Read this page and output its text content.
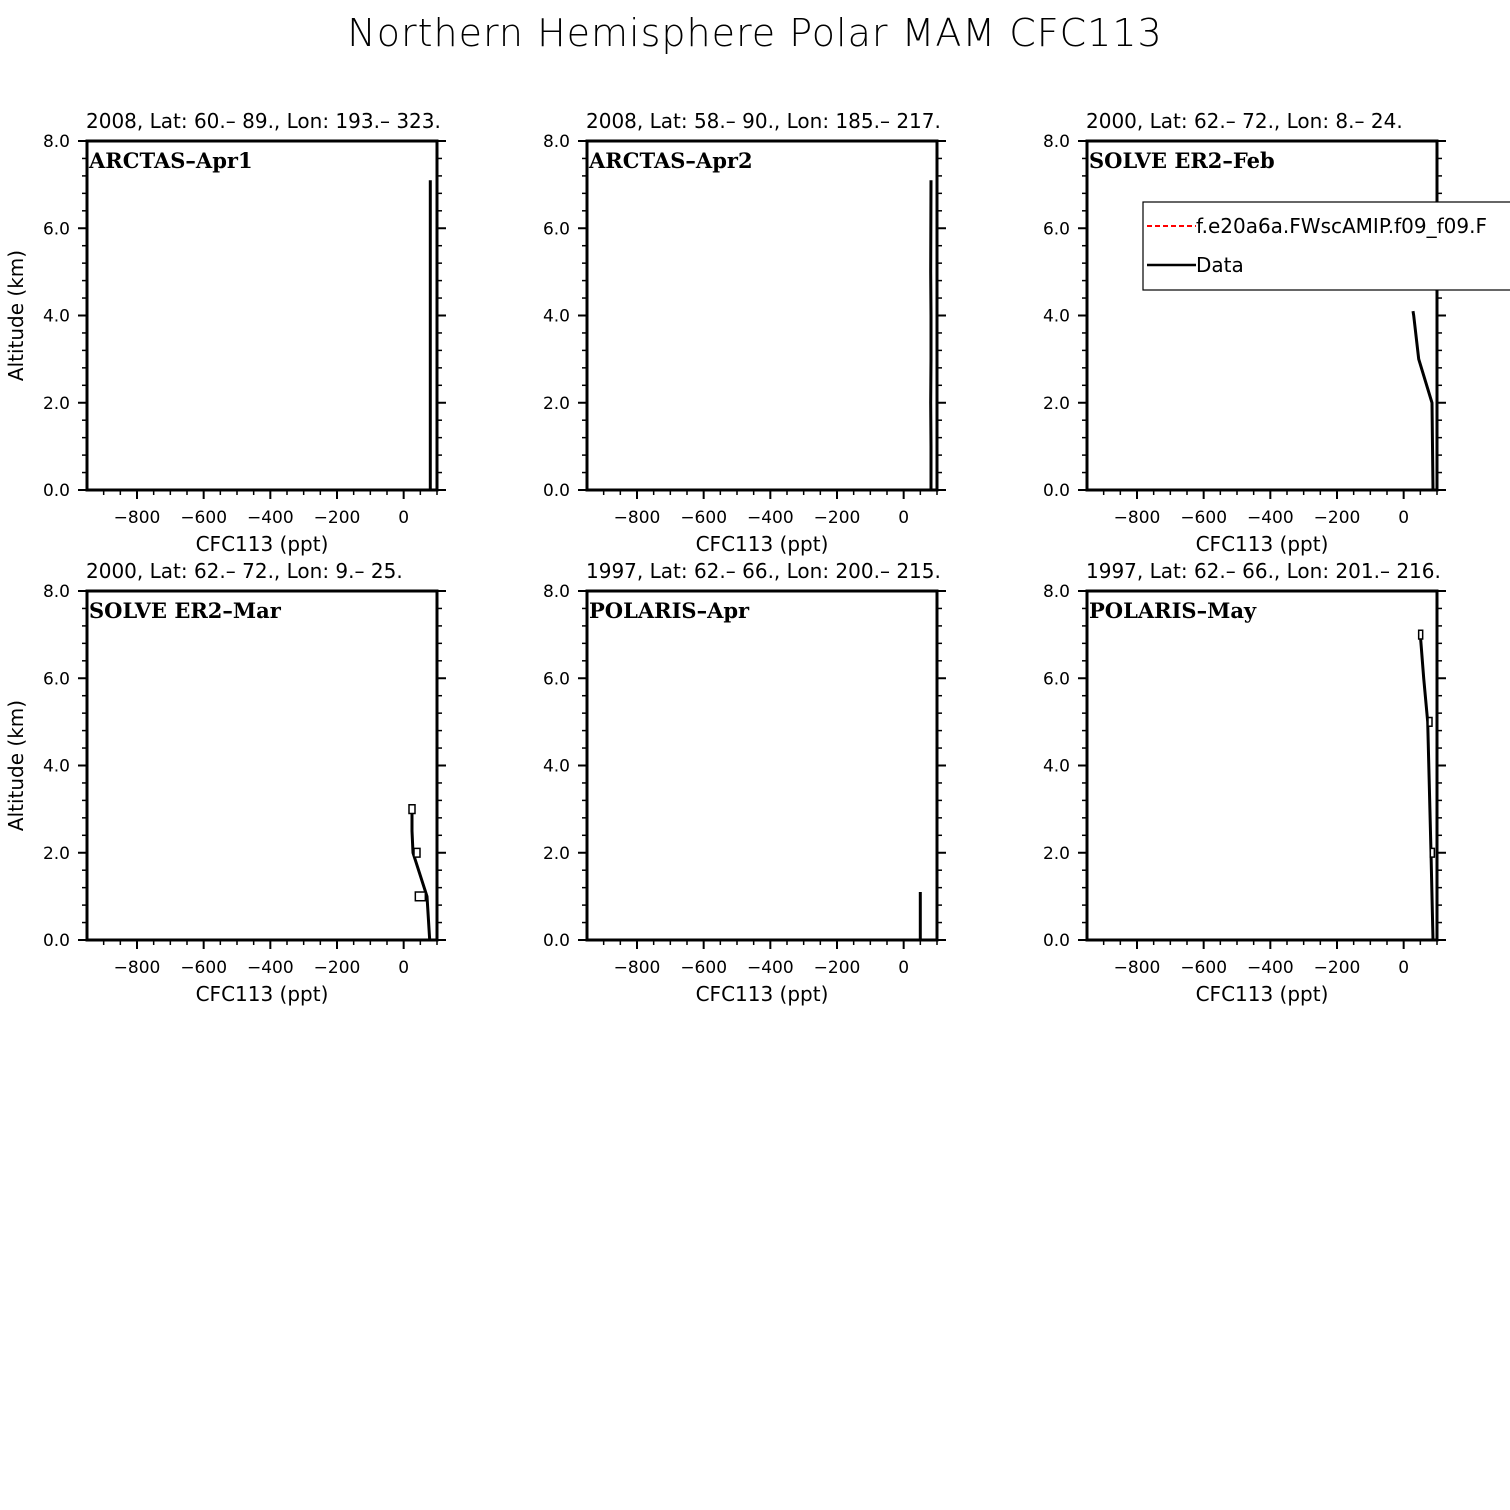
Northern Hemisphere Polar MAM CFC113
2008, Lat: 60.– 89., Lon: 193.– 323.
0.0
2.0
4.0
6.0
8.0
−800 −600 −400 −200 0
CFC113 (ppt)
Altitude (km)
ARCTAS–Apr1
2008, Lat: 58.– 90., Lon: 185.– 217.
0.0
2.0
4.0
6.0
8.0
−800 −600 −400 −200 0
CFC113 (ppt)
ARCTAS–Apr2
2000, Lat: 62.– 72., Lon: 8.– 24.
0.0
2.0
4.0
6.0
8.0
−800 −600 −400 −200 0
CFC113 (ppt)
SOLVE ER2–Feb
2000, Lat: 62.– 72., Lon: 9.– 25.
0.0
2.0
4.0
6.0
8.0
−800 −600 −400 −200 0
CFC113 (ppt)
Altitude (km)
SOLVE ER2–Mar
1997, Lat: 62.– 66., Lon: 200.– 215.
0.0
2.0
4.0
6.0
8.0
−800 −600 −400 −200 0
CFC113 (ppt)
POLARIS–Apr
1997, Lat: 62.– 66., Lon: 201.– 216.
0.0
2.0
4.0
6.0
8.0
−800 −600 −400 −200 0
CFC113 (ppt)
POLARIS–May
f.e20a6a.FWscAMIP.f09_f09.F
Data
